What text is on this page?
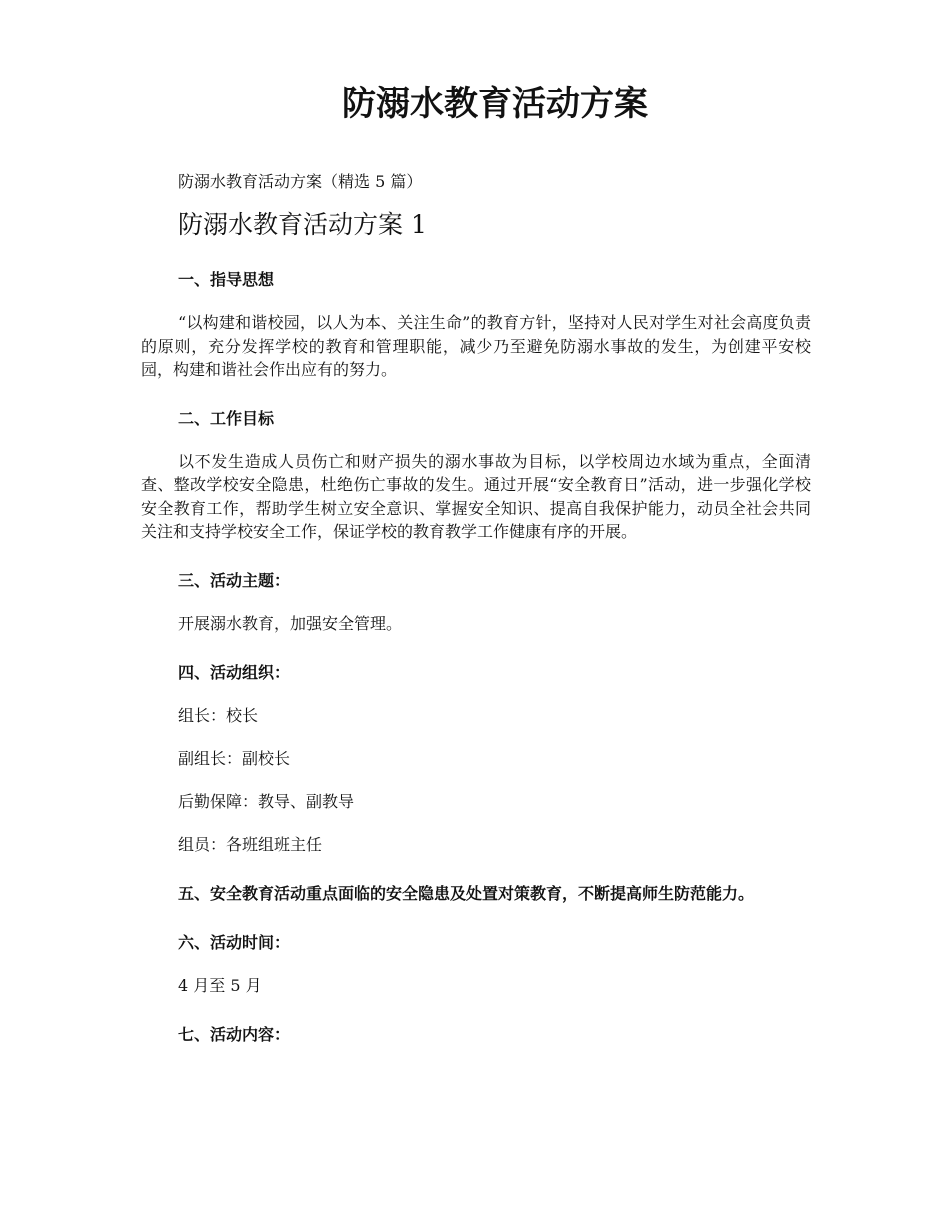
防溺水教育活动方案

防溺水教育活动方案（精选 5 篇）

防溺水教育活动方案 1
一、指导思想

“以构建和谐校园，以人为本、关注生命”的教育方针，坚持对人民对学生对社会高度负责的原则，充分发挥学校的教育和管理职能，减少乃至避免防溺水事故的发生，为创建平安校园，构建和谐社会作出应有的努力。

二、工作目标

以不发生造成人员伤亡和财产损失的溺水事故为目标，以学校周边水域为重点，全面清查、整改学校安全隐患，杜绝伤亡事故的发生。通过开展“安全教育日”活动，进一步强化学校安全教育工作，帮助学生树立安全意识、掌握安全知识、提高自我保护能力，动员全社会共同关注和支持学校安全工作，保证学校的教育教学工作健康有序的开展。

三、活动主题：

开展溺水教育，加强安全管理。

四、活动组织：

组长：校长

副组长：副校长

后勤保障：教导、副教导

组员：各班组班主任

五、安全教育活动重点面临的安全隐患及处置对策教育，不断提高师生防范能力。
六、活动时间：

4 月至 5 月

七、活动内容：
